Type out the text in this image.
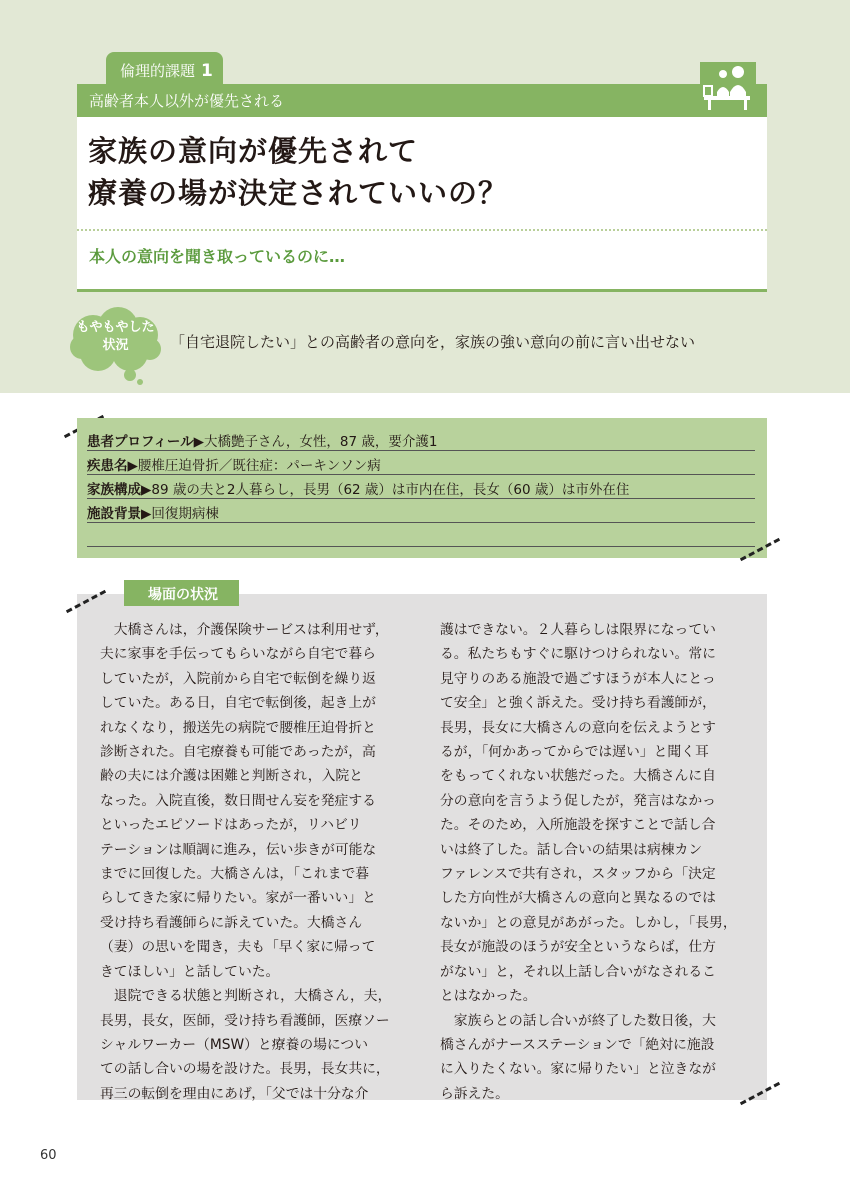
倫理的課題 1
高齢者本人以外が優先される
家族の意向が優先されて
療養の場が決定されていいの？
本人の意向を聞き取っているのに…
もやもやした
状況	「自宅退院したい」との高齢者の意向を，家族の強い意向の前に言い出せない
患者プロフィール▶大橋艶子さん，女性，87 歳，要介護1
疾患名▶腰椎圧迫骨折／既往症：パーキンソン病
家族構成▶89 歳の夫と2人暮らし，長男（62 歳）は市内在住，長女（60 歳）は市外在住
施設背景▶回復期病棟
場面の状況

　大橋さんは，介護保険サービスは利用せず，

夫に家事を手伝ってもらいながら自宅で暮ら

していたが，入院前から自宅で転倒を繰り返

していた。ある日，自宅で転倒後，起き上が

れなくなり，搬送先の病院で腰椎圧迫骨折と

診断された。自宅療養も可能であったが，高

齢の夫には介護は困難と判断され，入院と

なった。入院直後，数日間せん妄を発症する

といったエピソードはあったが，リハビリ

テーションは順調に進み，伝い歩きが可能な

までに回復した。大橋さんは，「これまで暮

らしてきた家に帰りたい。家が一番いい」と

受け持ち看護師らに訴えていた。大橋さん

（妻）の思いを聞き，夫も「早く家に帰って

きてほしい」と話していた。

　退院できる状態と判断され，大橋さん，夫，

長男，長女，医師，受け持ち看護師，医療ソー

シャルワーカー（MSW）と療養の場につい

ての話し合いの場を設けた。長男，長女共に，

再三の転倒を理由にあげ，「父では十分な介

護はできない。２人暮らしは限界になってい

る。私たちもすぐに駆けつけられない。常に

見守りのある施設で過ごすほうが本人にとっ

て安全」と強く訴えた。受け持ち看護師が，

長男，長女に大橋さんの意向を伝えようとす

るが，「何かあってからでは遅い」と聞く耳

をもってくれない状態だった。大橋さんに自

分の意向を言うよう促したが，発言はなかっ

た。そのため，入所施設を探すことで話し合

いは終了した。話し合いの結果は病棟カン

ファレンスで共有され，スタッフから「決定

した方向性が大橋さんの意向と異なるのでは

ないか」との意見があがった。しかし，「長男，

長女が施設のほうが安全というならば，仕方

がない」と，それ以上話し合いがなされるこ

とはなかった。

　家族らとの話し合いが終了した数日後，大

橋さんがナースステーションで「絶対に施設

に入りたくない。家に帰りたい」と泣きなが

ら訴えた。

60
